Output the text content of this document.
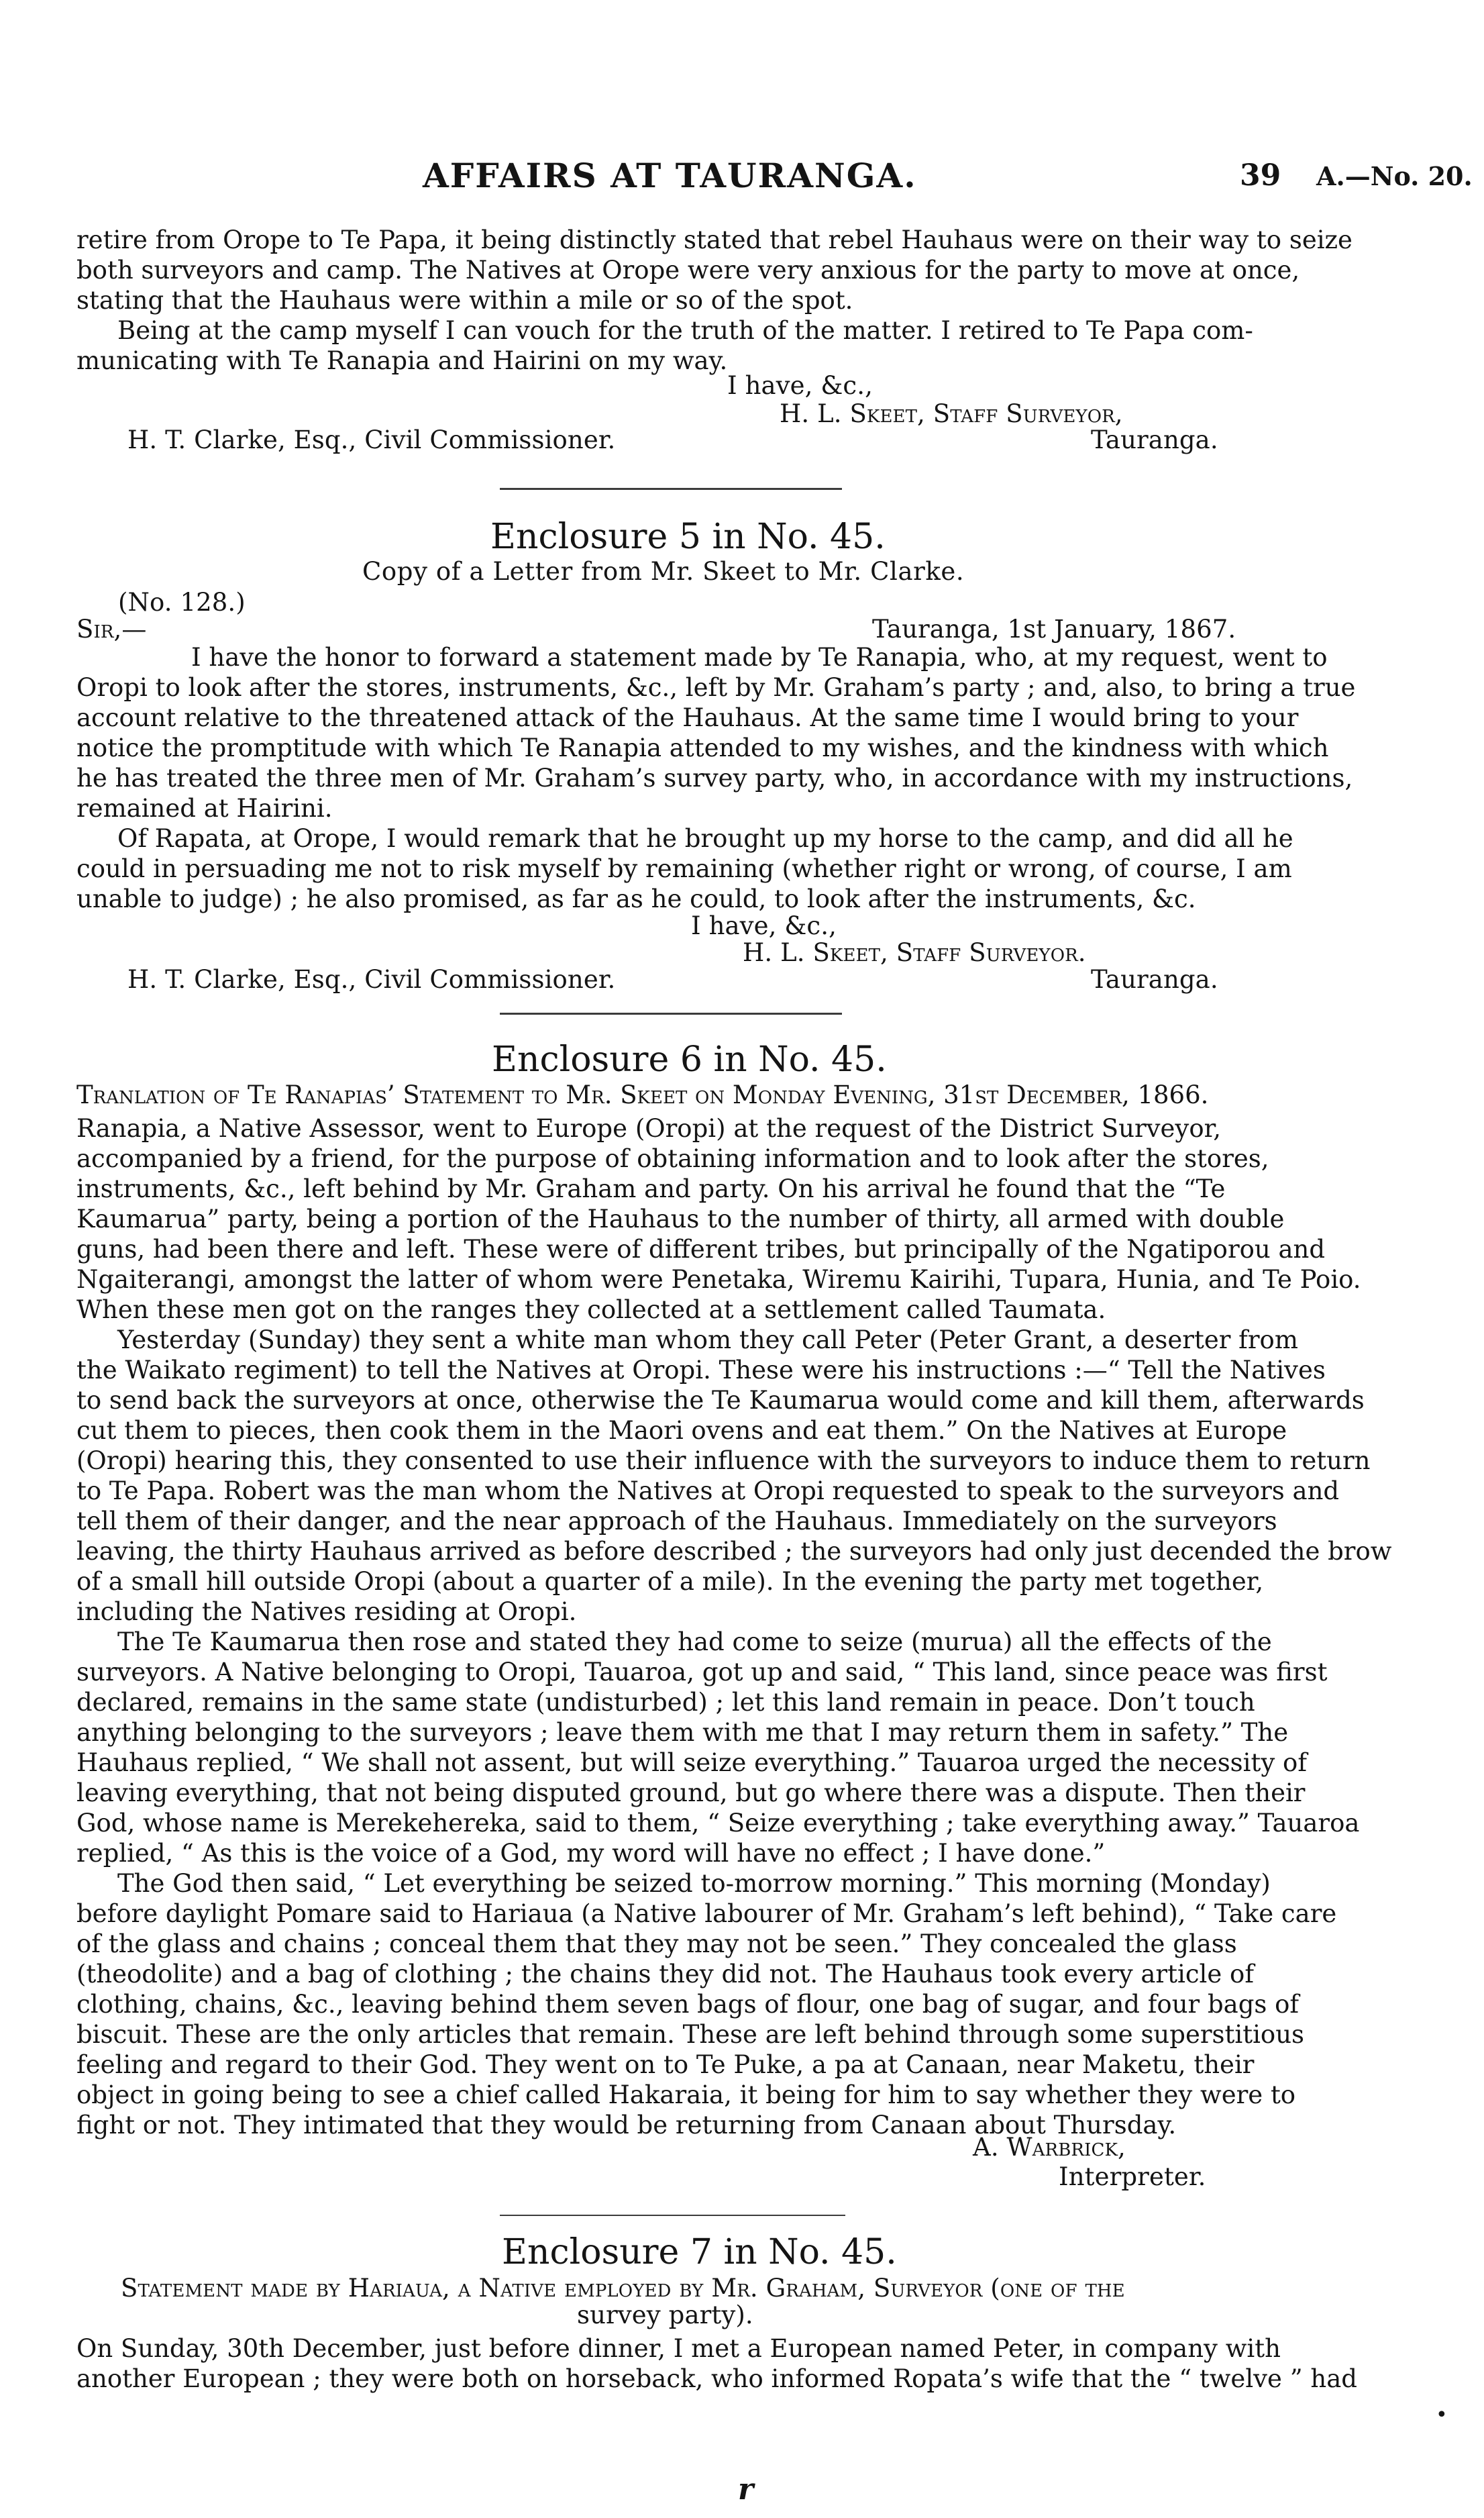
AFFAIRS AT TAURANGA.	39 A.—No. 20.
retire from Orope to Te Papa, it being distinctly stated that rebel Hauhaus were on their way to seize
both surveyors and camp. The Natives at Orope were very anxious for the party to move at once,
stating that the Hauhaus were within a mile or so of the spot.
Being at the camp myself I can vouch for the truth of the matter. I retired to Te Papa com-
municating with Te Ranapia and Hairini on my way.
I have, &c.,
H. L. Skeet, Staff Surveyor,
H. T. Clarke, Esq., Civil Commissioner.	Tauranga.
Enclosure 5 in No. 45.
Copy of a Letter from Mr. Skeet to Mr. Clarke.
(No. 128.)
Sir,—	Tauranga, 1st January, 1867.
I have the honor to forward a statement made by Te Ranapia, who, at my request, went to
Oropi to look after the stores, instruments, &c., left by Mr. Graham’s party ; and, also, to bring a true
account relative to the threatened attack of the Hauhaus. At the same time I would bring to your
notice the promptitude with which Te Ranapia attended to my wishes, and the kindness with which
he has treated the three men of Mr. Graham’s survey party, who, in accordance with my instructions,
remained at Hairini.
Of Rapata, at Orope, I would remark that he brought up my horse to the camp, and did all he
could in persuading me not to risk myself by remaining (whether right or wrong, of course, I am
unable to judge) ; he also promised, as far as he could, to look after the instruments, &c.
I have, &c.,
H. L. Skeet, Staff Surveyor.
H. T. Clarke, Esq., Civil Commissioner.	Tauranga.
Enclosure 6 in No. 45.
Tranlation of Te Ranapias’ Statement to Mr. Skeet on Monday Evening, 31st December, 1866.
Ranapia, a Native Assessor, went to Europe (Oropi) at the request of the District Surveyor,
accompanied by a friend, for the purpose of obtaining information and to look after the stores,
instruments, &c., left behind by Mr. Graham and party. On his arrival he found that the “Te
Kaumarua” party, being a portion of the Hauhaus to the number of thirty, all armed with double
guns, had been there and left. These were of different tribes, but principally of the Ngatiporou and
Ngaiterangi, amongst the latter of whom were Penetaka, Wiremu Kairihi, Tupara, Hunia, and Te Poio.
When these men got on the ranges they collected at a settlement called Taumata.
Yesterday (Sunday) they sent a white man whom they call Peter (Peter Grant, a deserter from
the Waikato regiment) to tell the Natives at Oropi. These were his instructions :—“ Tell the Natives
to send back the surveyors at once, otherwise the Te Kaumarua would come and kill them, afterwards
cut them to pieces, then cook them in the Maori ovens and eat them.” On the Natives at Europe
(Oropi) hearing this, they consented to use their influence with the surveyors to induce them to return
to Te Papa. Robert was the man whom the Natives at Oropi requested to speak to the surveyors and
tell them of their danger, and the near approach of the Hauhaus. Immediately on the surveyors
leaving, the thirty Hauhaus arrived as before described ; the surveyors had only just decended the brow
of a small hill outside Oropi (about a quarter of a mile). In the evening the party met together,
including the Natives residing at Oropi.
The Te Kaumarua then rose and stated they had come to seize (murua) all the effects of the
surveyors. A Native belonging to Oropi, Tauaroa, got up and said, “ This land, since peace was first
declared, remains in the same state (undisturbed) ; let this land remain in peace. Don’t touch
anything belonging to the surveyors ; leave them with me that I may return them in safety.” The
Hauhaus replied, “ We shall not assent, but will seize everything.” Tauaroa urged the necessity of
leaving everything, that not being disputed ground, but go where there was a dispute. Then their
God, whose name is Merekehereka, said to them, “ Seize everything ; take everything away.” Tauaroa
replied, “ As this is the voice of a God, my word will have no effect ; I have done.”
The God then said, “ Let everything be seized to-morrow morning.” This morning (Monday)
before daylight Pomare said to Hariaua (a Native labourer of Mr. Graham’s left behind), “ Take care
of the glass and chains ; conceal them that they may not be seen.” They concealed the glass
(theodolite) and a bag of clothing ; the chains they did not. The Hauhaus took every article of
clothing, chains, &c., leaving behind them seven bags of flour, one bag of sugar, and four bags of
biscuit. These are the only articles that remain. These are left behind through some superstitious
feeling and regard to their God. They went on to Te Puke, a pa at Canaan, near Maketu, their
object in going being to see a chief called Hakaraia, it being for him to say whether they were to
fight or not. They intimated that they would be returning from Canaan about Thursday.
A. Warbrick,
Interpreter.
Enclosure 7 in No. 45.
Statement made by Hariaua, a Native employed by Mr. Graham, Surveyor (one of the
survey party).
On Sunday, 30th December, just before dinner, I met a European named Peter, in company with
another European ; they were both on horseback, who informed Ropata’s wife that the “ twelve ” had
r
•
